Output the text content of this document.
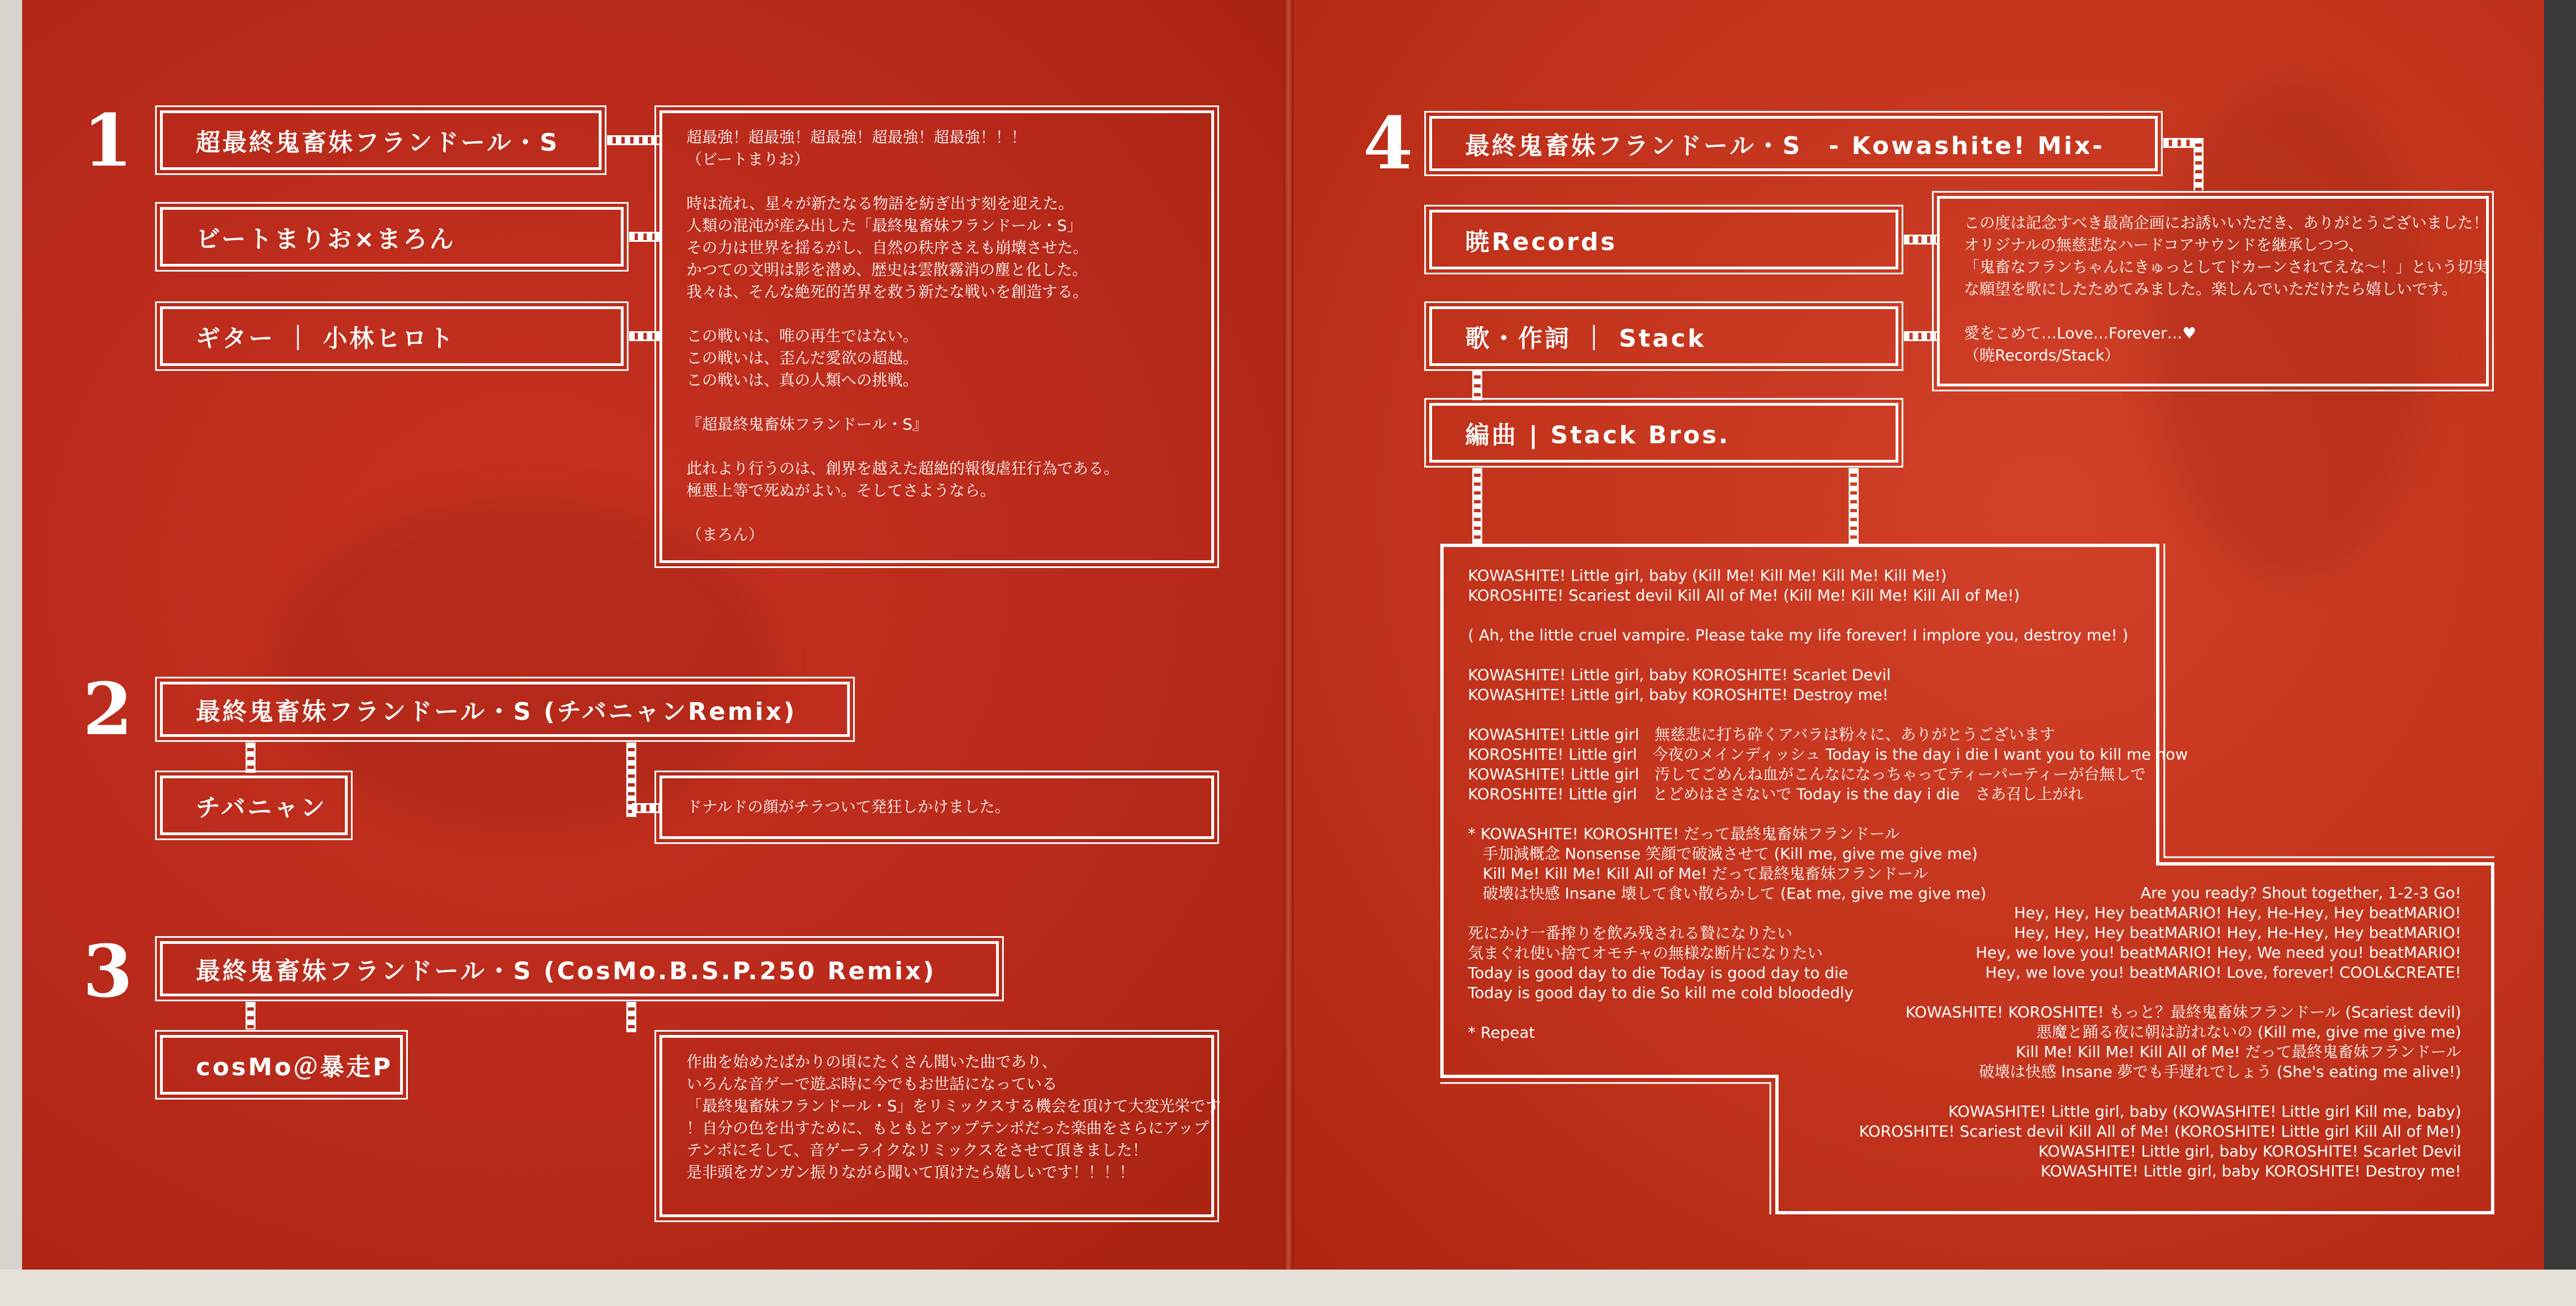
1	超最終鬼畜妹フランドール・S
ビートまりお×まろん
ギター ｜ 小林ヒロト
超最強！超最強！超最強！超最強！超最強！！！
（ビートまりお）

時は流れ、星々が新たなる物語を紡ぎ出す刻を迎えた。
人類の混沌が産み出した「最終鬼畜妹フランドール・S」
その力は世界を揺るがし、自然の秩序さえも崩壊させた。
かつての文明は影を潜め、歴史は雲散霧消の塵と化した。
我々は、そんな絶死的苦界を救う新たな戦いを創造する。

この戦いは、唯の再生ではない。
この戦いは、歪んだ愛欲の超越。
この戦いは、真の人類への挑戦。

『超最終鬼畜妹フランドール・S』

此れより行うのは、創界を越えた超絶的報復虐狂行為である。
極悪上等で死ぬがよい。そしてさようなら。

（まろん）
2	最終鬼畜妹フランドール・S (チバニャンRemix)
チバニャン	ドナルドの顔がチラついて発狂しかけました。
3	最終鬼畜妹フランドール・S (CosMo.B.S.P.250 Remix)
cosMo＠暴走P	作曲を始めたばかりの頃にたくさん聞いた曲であり、
いろんな音ゲーで遊ぶ時に今でもお世話になっている
「最終鬼畜妹フランドール・S」をリミックスする機会を頂けて大変光栄です
！自分の色を出すために、もともとアップテンポだった楽曲をさらにアップ
テンポにそして、音ゲーライクなリミックスをさせて頂きました！
是非頭をガンガン振りながら聞いて頂けたら嬉しいです！！！！
4	最終鬼畜妹フランドール・S　- Kowashite! Mix-
暁Records
この度は記念すべき最高企画にお誘いいただき、ありがとうございました！
オリジナルの無慈悲なハードコアサウンドを継承しつつ、
「鬼畜なフランちゃんにきゅっとしてドカーンされてえな～！」という切実
な願望を歌にしたためてみました。楽しんでいただけたら嬉しいです。

愛をこめて…Love…Forever…♥
（暁Records/Stack）
歌・作詞 ｜ Stack
編曲 | Stack Bros.
KOWASHITE! Little girl, baby (Kill Me! Kill Me! Kill Me! Kill Me!)
KOROSHITE! Scariest devil Kill All of Me! (Kill Me! Kill Me! Kill All of Me!)

( Ah, the little cruel vampire. Please take my life forever! I implore you, destroy me! )

KOWASHITE! Little girl, baby KOROSHITE! Scarlet Devil
KOWASHITE! Little girl, baby KOROSHITE! Destroy me!

KOWASHITE! Little girl　無慈悲に打ち砕くアバラは粉々に、ありがとうございます
KOROSHITE! Little girl　今夜のメインディッシュ Today is the day i die I want you to kill me now
KOWASHITE! Little girl　汚してごめんね血がこんなになっちゃってティーパーティーが台無しで
KOROSHITE! Little girl　とどめはささないで Today is the day i die　さあ召し上がれ

* KOWASHITE! KOROSHITE! だって最終鬼畜妹フランドール
手加減概念 Nonsense 笑顔で破滅させて (Kill me, give me give me)
Kill Me! Kill Me! Kill All of Me! だって最終鬼畜妹フランドール
破壊は快感 Insane 壊して食い散らかして (Eat me, give me give me)

死にかけ一番搾りを飲み残される贄になりたい
気まぐれ使い捨てオモチャの無様な断片になりたい
Today is good day to die Today is good day to die
Today is good day to die So kill me cold bloodedly

* Repeat
Are you ready? Shout together, 1-2-3 Go!
Hey, Hey, Hey beatMARIO! Hey, He-Hey, Hey beatMARIO!
Hey, Hey, Hey beatMARIO! Hey, He-Hey, Hey beatMARIO!
Hey, we love you! beatMARIO! Hey, We need you! beatMARIO!
Hey, we love you! beatMARIO! Love, forever! COOL&CREATE!

KOWASHITE! KOROSHITE! もっと？最終鬼畜妹フランドール (Scariest devil)
悪魔と踊る夜に朝は訪れないの (Kill me, give me give me)
Kill Me! Kill Me! Kill All of Me! だって最終鬼畜妹フランドール
破壊は快感 Insane 夢でも手遅れでしょう (She's eating me alive!)

KOWASHITE! Little girl, baby (KOWASHITE! Little girl Kill me, baby)
KOROSHITE! Scariest devil Kill All of Me! (KOROSHITE! Little girl Kill All of Me!)
KOWASHITE! Little girl, baby KOROSHITE! Scarlet Devil
KOWASHITE! Little girl, baby KOROSHITE! Destroy me!
